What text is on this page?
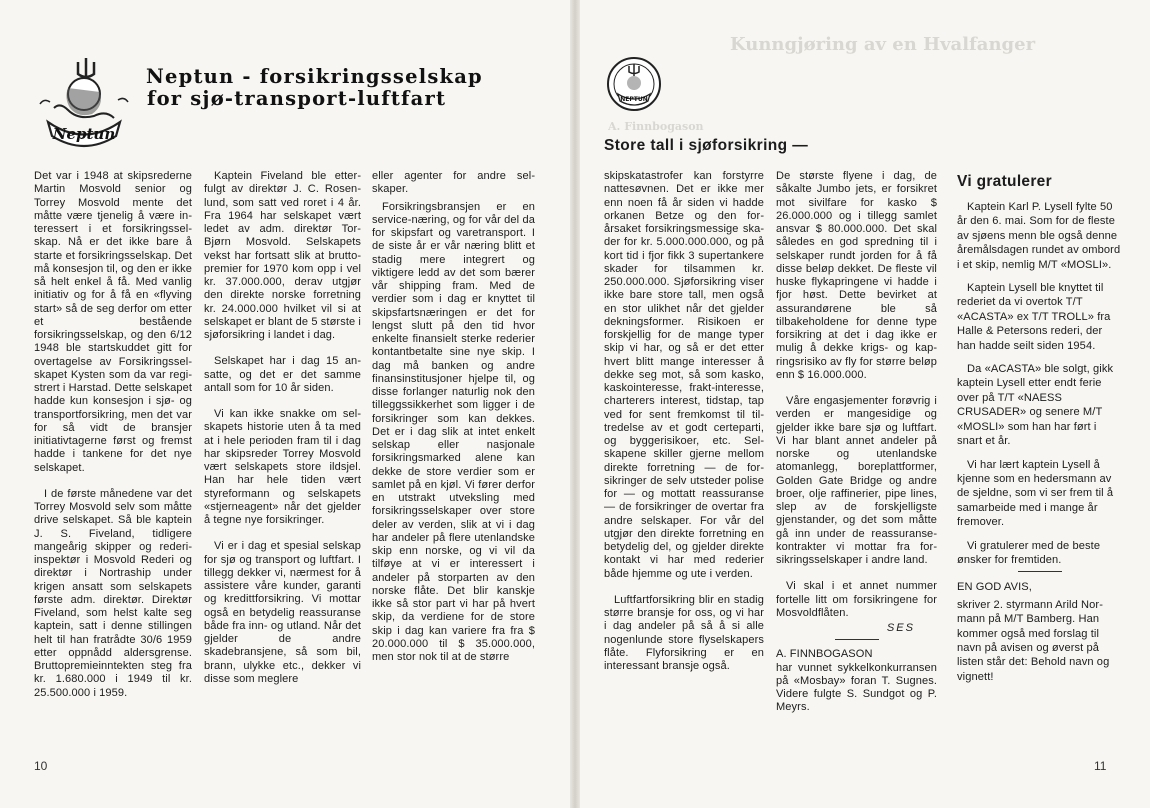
Neptun
Neptun - forsikringsselskap
for sjø-transport-luftfart

Det var i 1948 at skipsrederne Martin Mosvold senior og Torrey Mosvold mente det måtte være tjenelig å være interessert i et forsikringsselskap. Nå er det ikke bare å starte et forsikringsselskap. Det må konsesjon til, og den er ikke så helt enkel å få. Med vanlig initiativ og for å få en «flyving start» så de seg derfor om etter et bestående forsikringsselskap, og den 6/12 1948 ble startskuddet gitt for overtagelse av Forsikringsselskapet Kysten som da var registrert i Harstad. Dette selskapet hadde kun konsesjon i sjø- og transportforsikring, men det var for så vidt de bransjer initiativtagerne først og fremst hadde i tankene for det nye selskapet.

I de første månedene var det Torrey Mosvold selv som måtte drive selskapet. Så ble kaptein J. S. Fiveland, tidligere mangeårig skipper og rederiinspektør i Mosvold Rederi og direktør i Nortraship under krigen ansatt som selskapets første adm. direktør. Direktør Fiveland, som helst kalte seg kaptein, satt i denne stillingen helt til han fratrådte 30/6 1959 etter oppnådd aldersgrense. Bruttopremieinntekten steg fra kr. 1.680.000 i 1949 til kr. 25.500.000 i 1959.

Kaptein Fiveland ble etterfulgt av direktør J. C. Rosenlund, som satt ved roret i 4 år. Fra 1964 har selskapet vært ledet av adm. direktør Tor-Bjørn Mosvold. Selskapets vekst har fortsatt slik at bruttopremier for 1970 kom opp i vel kr. 37.000.000, derav utgjør den direkte norske forretning kr. 24.000.000 hvilket vil si at selskapet er blant de 5 største i sjøforsikring i landet i dag.

Selskapet har i dag 15 ansatte, og det er det samme antall som for 10 år siden.

Vi kan ikke snakke om selskapets historie uten å ta med at i hele perioden fram til i dag har skipsreder Torrey Mosvold vært selskapets store ildsjel. Han har hele tiden vært styreformann og selskapets «stjerneagent» når det gjelder å tegne nye forsikringer.

Vi er i dag et spesial selskap for sjø og transport og luftfart. I tillegg dekker vi, nærmest for å assistere våre kunder, garanti og kredittforsikring. Vi mottar også en betydelig reassuranse både fra inn- og utland. Når det gjelder de andre skadebransjene, så som bil, brann, ulykke etc., dekker vi disse som meglere

eller agenter for andre selskaper.

Forsikringsbransjen er en service-næring, og for vår del da for skipsfart og varetransport. I de siste år er vår næring blitt et stadig mere integrert og viktigere ledd av det som bærer vår shipping fram. Med de verdier som i dag er knyttet til skipsfartsnæringen er det for lengst slutt på den tid hvor enkelte finansielt sterke rederier kontantbetalte sine nye skip. I dag må banken og andre finansinstitusjoner hjelpe til, og disse forlanger naturlig nok den tilleggssikkerhet som ligger i de forsikringer som kan dekkes. Det er i dag slik at intet enkelt selskap eller nasjonale forsikringsmarked alene kan dekke de store verdier som er samlet på en kjøl. Vi fører derfor en utstrakt utveksling med forsikringsselskaper over store deler av verden, slik at vi i dag har andeler på flere utenlandske skip enn norske, og vi vil da tilføye at vi er interessert i andeler på storparten av den norske flåte. Det blir kanskje ikke så stor part vi har på hvert skip, da verdiene for de store skip i dag kan variere fra fra $ 20.000.000 til $ 35.000.000, men stor nok til at de større

10
Kunngjøring av en Hvalfanger
A. Finnbogason
NEPTUN
Store tall i sjøforsikring —

skipskatastrofer kan forstyrre nattesøvnen. Det er ikke mer enn noen få år siden vi hadde orkanen Betze og den forårsaket forsikringsmessige skader for kr. 5.000.000.000, og på kort tid i fjor fikk 3 supertankere skader for tilsammen kr. 250.000.000. Sjøforsikring viser ikke bare store tall, men også en stor ulikhet når det gjelder dekningsformer. Risikoen er forskjellig for de mange typer skip vi har, og så er det etter hvert blitt mange interesser å dekke seg mot, så som kasko, kaskointeresse, frakt-interesse, charterers interest, tidstap, tap ved for sent fremkomst til tiltredelse av et godt certeparti, og byggerisikoer, etc. Selskapene skiller gjerne mellom direkte forretning — de forsikringer de selv utsteder polise for — og mottatt reassuranse — de forsikringer de overtar fra andre selskaper. For vår del utgjør den direkte forretning en betydelig del, og gjelder direkte kontakt vi har med rederier både hjemme og ute i verden.

Luftfartforsikring blir en stadig større bransje for oss, og vi har i dag andeler på så å si alle nogenlunde store flyselskapers flåte. Flyforsikring er en interessant bransje også.

De største flyene i dag, de såkalte Jumbo jets, er forsikret mot sivilfare for kasko $ 26.000.000 og i tillegg samlet ansvar $ 80.000.000. Det skal således en god spredning til i selskaper rundt jorden for å få disse beløp dekket. De fleste vil huske flykapringene vi hadde i fjor høst. Dette bevirket at assurandørene ble så tilbakeholdene for denne type forsikring at det i dag ikke er mulig å dekke krigs- og kapringsrisiko av fly for større beløp enn $ 16.000.000.

Våre engasjementer forøvrig i verden er mangesidige og gjelder ikke bare sjø og luftfart. Vi har blant annet andeler på norske og utenlandske atomanlegg, boreplattformer, Golden Gate Bridge og andre broer, olje raffinerier, pipe lines, slep av de forskjelligste gjenstander, og det som måtte gå inn under de reassuransekontrakter vi mottar fra forsikringsselskaper i andre land.

Vi skal i et annet nummer fortelle litt om forsikringene for Mosvoldflåten.

SES

A. FINNBOGASON

har vunnet sykkelkonkurransen på «Mosbay» foran T. Sugnes. Videre fulgte S. Sundgot og P. Meyrs.

Vi gratulerer

Kaptein Karl P. Lysell fylte 50 år den 6. mai. Som for de fleste av sjøens menn ble også denne åremålsdagen rundet av ombord i et skip, nemlig M/T «MOSLI».

Kaptein Lysell ble knyttet til rederiet da vi overtok T/T «ACASTA» ex T/T TROLL» fra Halle & Petersons rederi, der han hadde seilt siden 1954.

Da «ACASTA» ble solgt, gikk kaptein Lysell etter endt ferie over på T/T «NAESS CRUSADER» og senere M/T «MOSLI» som han har ført i snart et år.

Vi har lært kaptein Lysell å kjenne som en hedersmann av de sjeldne, som vi ser frem til å samarbeide med i mange år fremover.

Vi gratulerer med de beste ønsker for fremtiden.

EN GOD AVIS,

skriver 2. styrmann Arild Normann på M/T Bamberg. Han kommer også med forslag til navn på avisen og øverst på listen står det: Behold navn og vignett!

11
